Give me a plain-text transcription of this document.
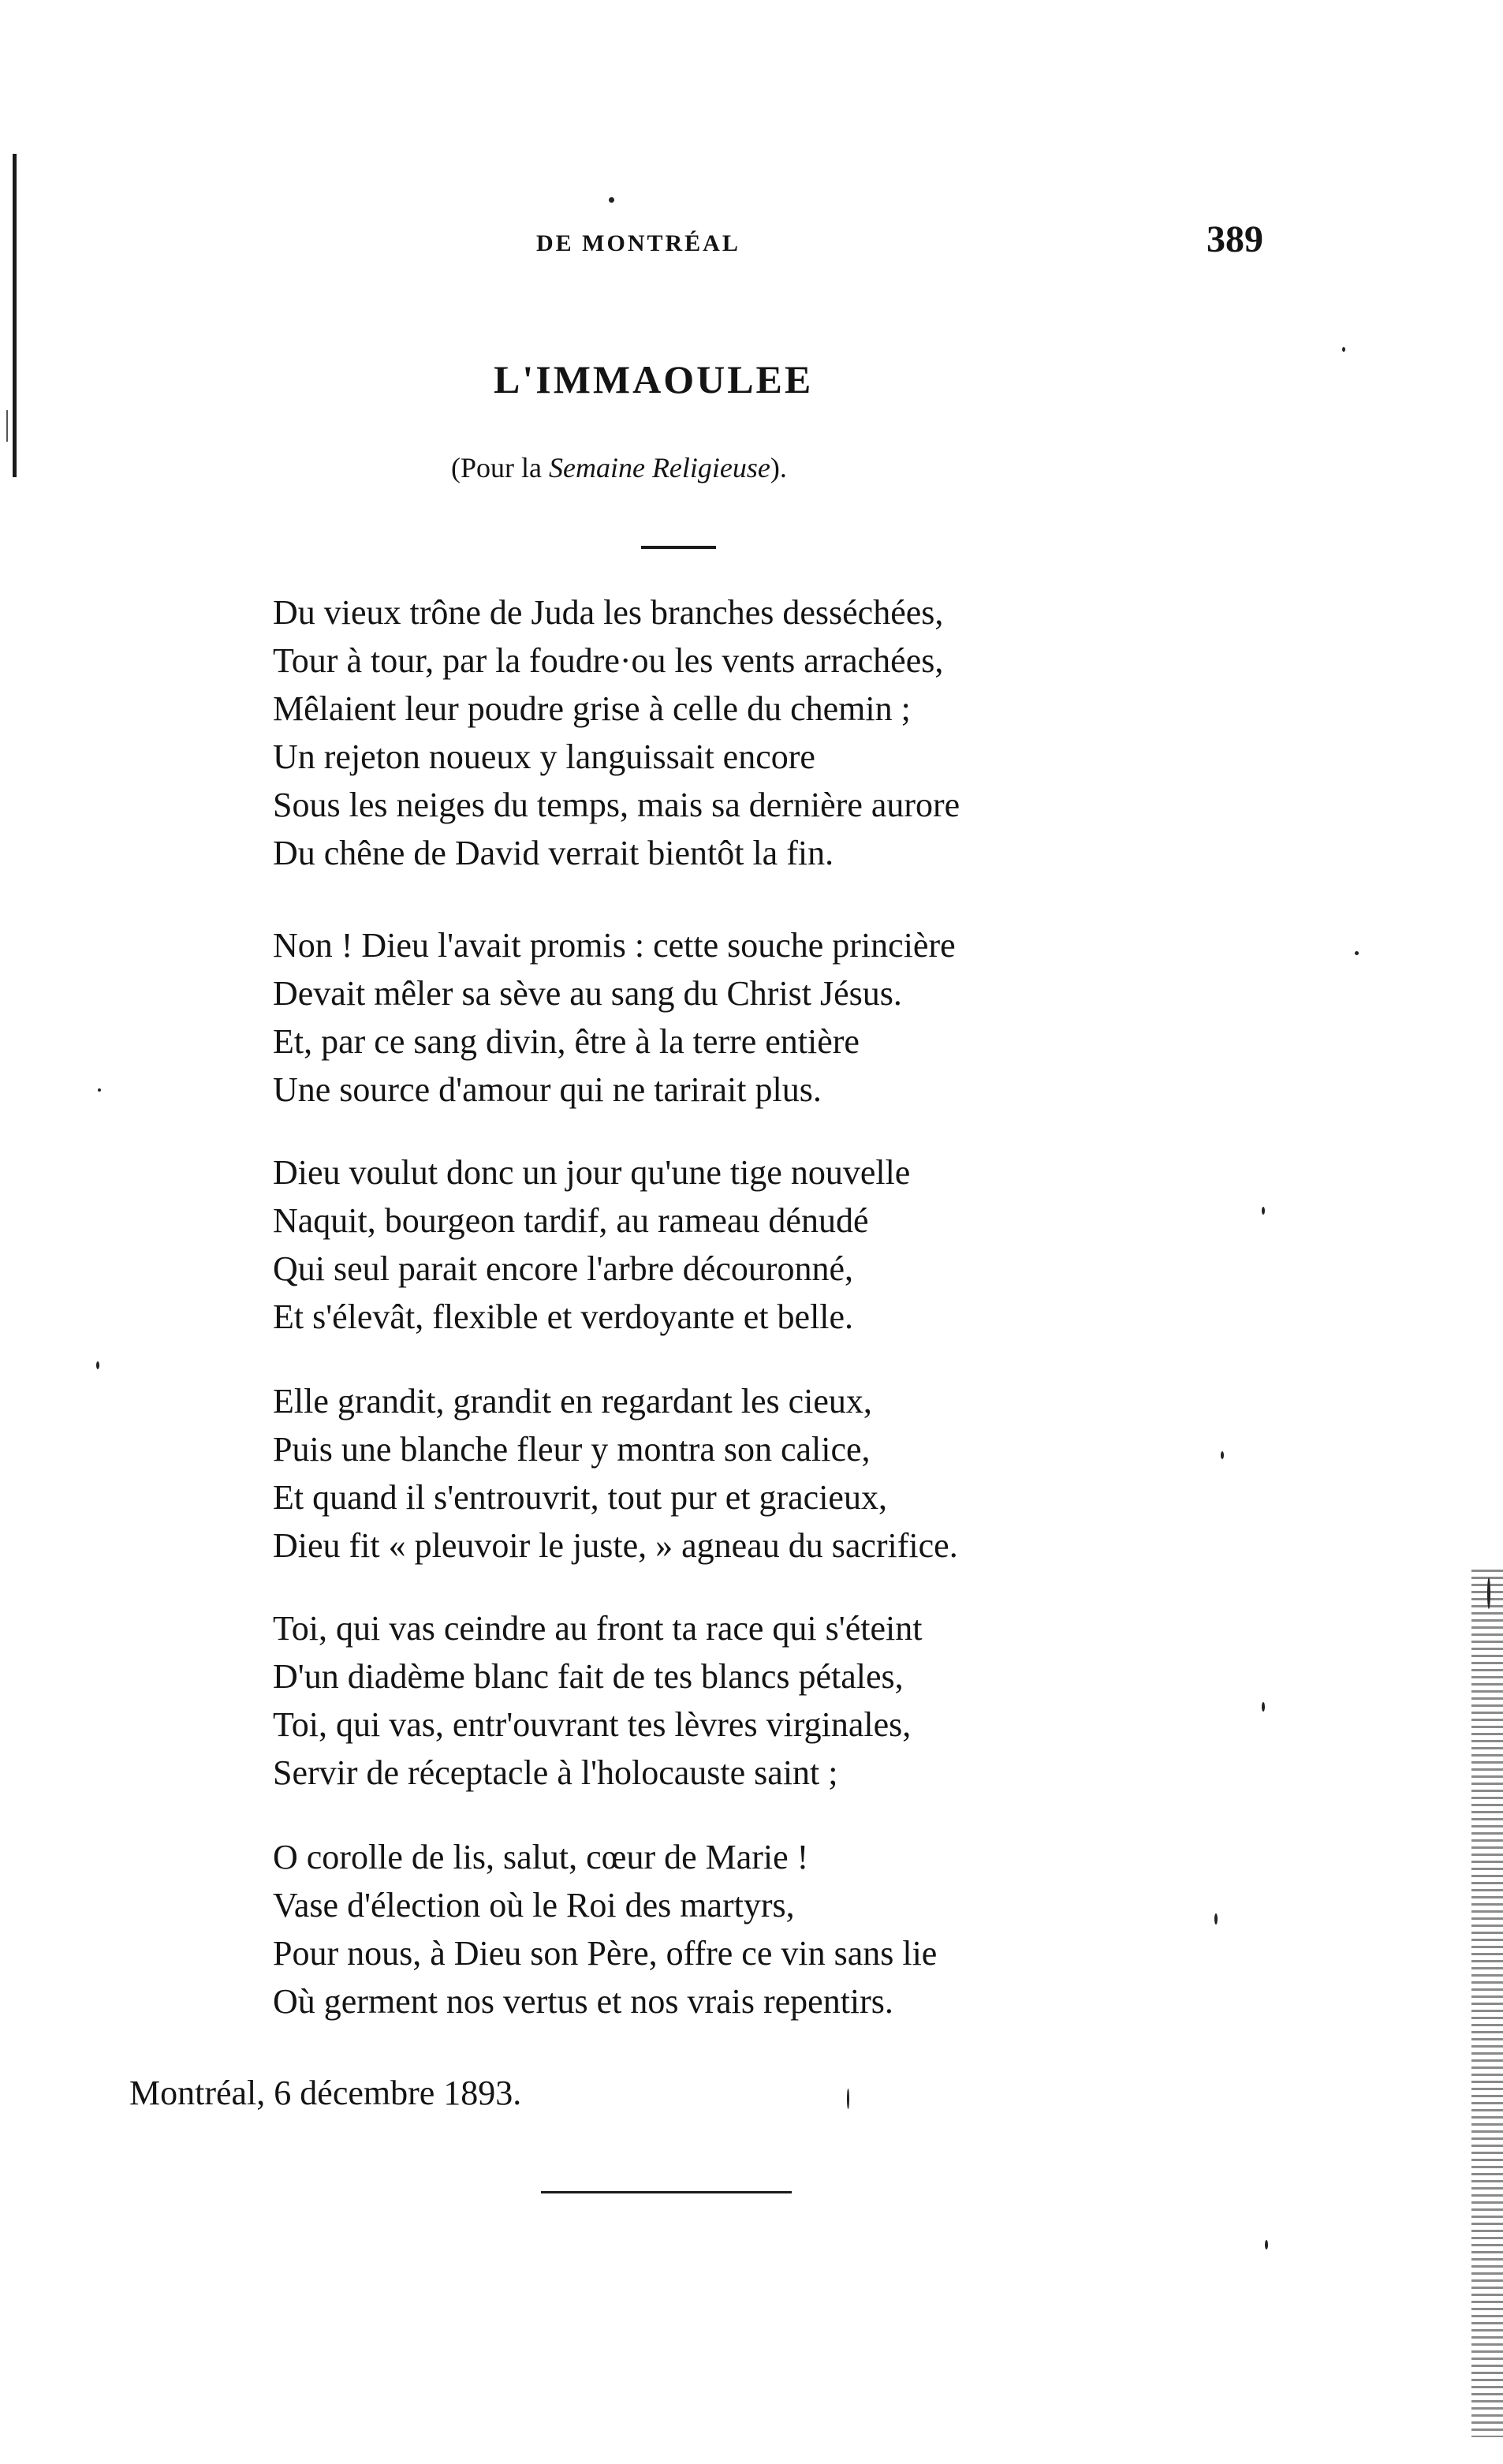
DE MONTRÉAL	389
L'IMMAOULEE
(Pour la Semaine Religieuse).
Du vieux trône de Juda les branches desséchées,
Tour à tour, par la foudre·ou les vents arrachées,
Mêlaient leur poudre grise à celle du chemin ;
Un rejeton noueux y languissait encore
Sous les neiges du temps, mais sa dernière aurore
Du chêne de David verrait bientôt la fin.
Non ! Dieu l'avait promis : cette souche princière
Devait mêler sa sève au sang du Christ Jésus.
Et, par ce sang divin, être à la terre entière
Une source d'amour qui ne tarirait plus.
Dieu voulut donc un jour qu'une tige nouvelle
Naquit, bourgeon tardif, au rameau dénudé
Qui seul parait encore l'arbre découronné,
Et s'élevât, flexible et verdoyante et belle.
Elle grandit, grandit en regardant les cieux,
Puis une blanche fleur y montra son calice,
Et quand il s'entrouvrit, tout pur et gracieux,
Dieu fit « pleuvoir le juste, » agneau du sacrifice.
Toi, qui vas ceindre au front ta race qui s'éteint
D'un diadème blanc fait de tes blancs pétales,
Toi, qui vas, entr'ouvrant tes lèvres virginales,
Servir de réceptacle à l'holocauste saint ;
O corolle de lis, salut, cœur de Marie !
Vase d'élection où le Roi des martyrs,
Pour nous, à Dieu son Père, offre ce vin sans lie
Où germent nos vertus et nos vrais repentirs.
Montréal, 6 décembre 1893.
